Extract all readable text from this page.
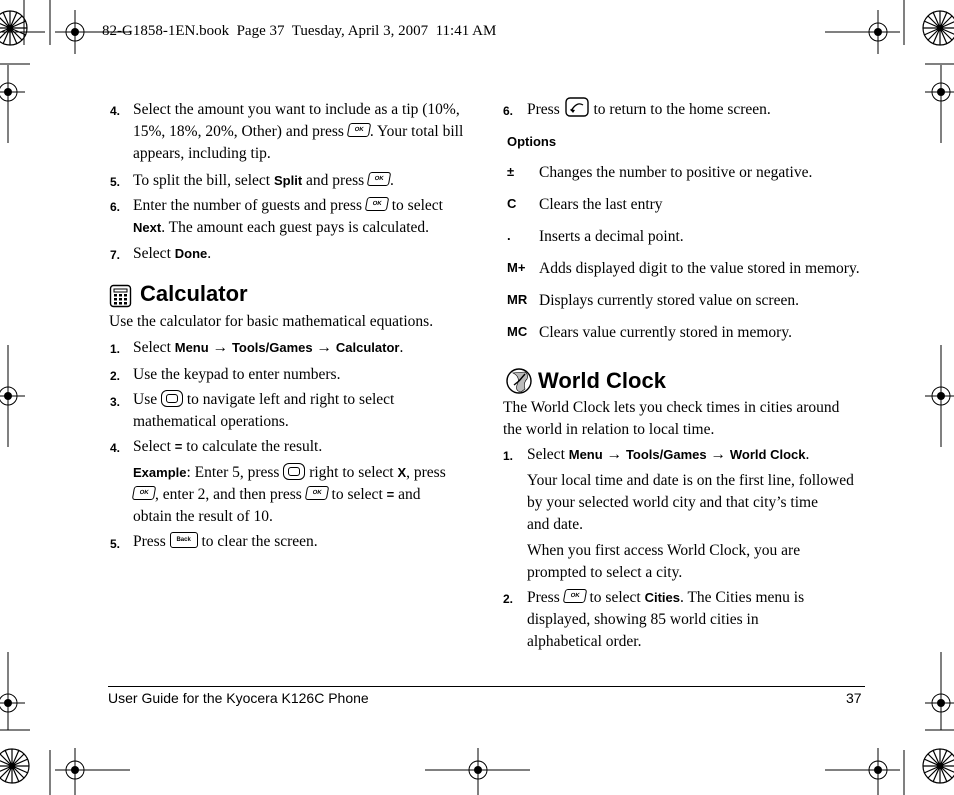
82-G1858-1EN.book  Page 37  Tuesday, April 3, 2007  11:41 AM
4. Select the amount you want to include as a tip (10%, 15%, 18%, 20%, Other) and press OK . Your total bill appears, including tip.
5. To split the bill, select Split and press OK .
6. Enter the number of guests and press OK to select Next. The amount each guest pays is calculated.
7. Select Done.
Calculator
Use the calculator for basic mathematical equations.
1. Select Menu → Tools/Games → Calculator.
2. Use the keypad to enter numbers.
3. Use to navigate left and right to select
mathematical operations.
4. Select = to calculate the result.
Example: Enter 5, press right to select X, press
OK , enter 2, and then press OK to select = and
obtain the result of 10.
5. Press Back to clear the screen.
6. Press to return to the home screen.
Options
± Changes the number to positive or negative.
C Clears the last entry
. Inserts a decimal point.
M+ Adds displayed digit to the value stored in memory.
MR Displays currently stored value on screen.
MC Clears value currently stored in memory.
World Clock
The World Clock lets you check times in cities around
the world in relation to local time.
1. Select Menu → Tools/Games → World Clock.
Your local time and date is on the first line, followed
by your selected world city and that city’s time
and date.
When you first access World Clock, you are
prompted to select a city.
2. Press OK to select Cities. The Cities menu is
displayed, showing 85 world cities in
alphabetical order.
User Guide for the Kyocera K126C Phone	37
